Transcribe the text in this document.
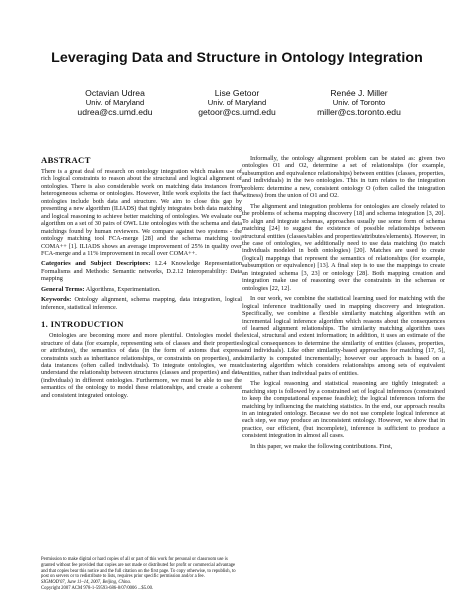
Leveraging Data and Structure in Ontology Integration
Octavian Udrea
Univ. of Maryland
udrea@cs.umd.edu
Lise Getoor
Univ. of Maryland
getoor@cs.umd.edu
Renée J. Miller
Univ. of Toronto
miller@cs.toronto.edu
ABSTRACT

There is a great deal of research on ontology integration which makes use of rich logical constraints to reason about the structural and logical alignment of ontologies. There is also considerable work on matching data instances from heterogeneous schema or ontologies. However, little work exploits the fact that ontologies include both data and structure. We aim to close this gap by presenting a new algorithm (ILIADS) that tightly integrates both data matching and logical reasoning to achieve better matching of ontologies. We evaluate our algorithm on a set of 30 pairs of OWL Lite ontologies with the schema and data matchings found by human reviewers. We compare against two systems - the ontology matching tool FCA-merge [28] and the schema matching tool COMA++ [1]. ILIADS shows an average improvement of 25% in quality over FCA-merge and a 11% improvement in recall over COMA++.

Categories and Subject Descriptors: I.2.4 Knowledge Representation Formalisms and Methods: Semantic networks, D.2.12 Interoperability: Data mapping

General Terms: Algorithms, Experimentation.

Keywords: Ontology alignment, schema mapping, data integration, logical inference, statistical inference.

1. INTRODUCTION

Ontologies are becoming more and more plentiful. Ontologies model the structure of data (for example, representing sets of classes and their properties or attributes), the semantics of data (in the form of axioms that express constraints such as inheritance relationships, or constraints on properties), and data instances (often called individuals). To integrate ontologies, we must understand the relationship between structures (classes and properties) and data (individuals) in different ontologies. Furthermore, we must be able to use the semantics of the ontology to model these relationships, and create a coherent and consistent integrated ontology.

Permission to make digital or hard copies of all or part of this work for personal or classroom use is granted without fee provided that copies are not made or distributed for profit or commercial advantage and that copies bear this notice and the full citation on the first page. To copy otherwise, to republish, to post on servers or to redistribute to lists, requires prior specific permission and/or a fee.
SIGMOD'07, June 11–14, 2007, Beijing, China.
Copyright 2007 ACM 978-1-59593-686-8/07/0006 ...$5.00.

Informally, the ontology alignment problem can be stated as: given two ontologies O1 and O2, determine a set of relationships (for example, subsumption and equivalence relationships) between entities (classes, properties, and individuals) in the two ontologies. This in turn relates to the integration problem: determine a new, consistent ontology O (often called the integration witness) from the union of O1 and O2.

The alignment and integration problems for ontologies are closely related to the problems of schema mapping discovery [18] and schema integration [3, 20]. To align and integrate schemas, approaches usually use some form of schema matching [24] to suggest the existence of possible relationships between structural entities (classes/tables and properties/attributes/elements). However, in the case of ontologies, we additionally need to use data matching (to match individuals modeled in both ontologies) [20]. Matches are used to create (logical) mappings that represent the semantics of relationships (for example, subsumption or equivalence) [13]. A final step is to use the mappings to create an integrated schema [3, 23] or ontology [28]. Both mapping creation and integration make use of reasoning over the constraints in the schemas or ontologies [22, 12].

In our work, we combine the statistical learning used for matching with the logical inference traditionally used in mapping discovery and integration. Specifically, we combine a flexible similarity matching algorithm with an incremental logical inference algorithm which reasons about the consequences of learned alignment relationships. The similarity matching algorithm uses lexical, structural and extent information; in addition, it uses an estimate of the logical consequences to determine the similarity of entities (classes, properties, and individuals). Like other similarity-based approaches for matching [17, 5], similarity is computed incrementally; however our approach is based on a clustering algorithm which considers relationships among sets of equivalent entities, rather than individual pairs of entities.

The logical reasoning and statistical reasoning are tightly integrated: a matching step is followed by a constrained set of logical inferences (constrained to keep the computational expense feasible); the logical inferences inform the matching by influencing the matching statistics. In the end, our approach results in an integrated ontology. Because we do not use complete logical inference at each step, we may produce an inconsistent ontology. However, we show that in practice, our efficient, (but incomplete), inference is sufficient to produce a consistent integration in almost all cases.

In this paper, we make the following contributions. First,
